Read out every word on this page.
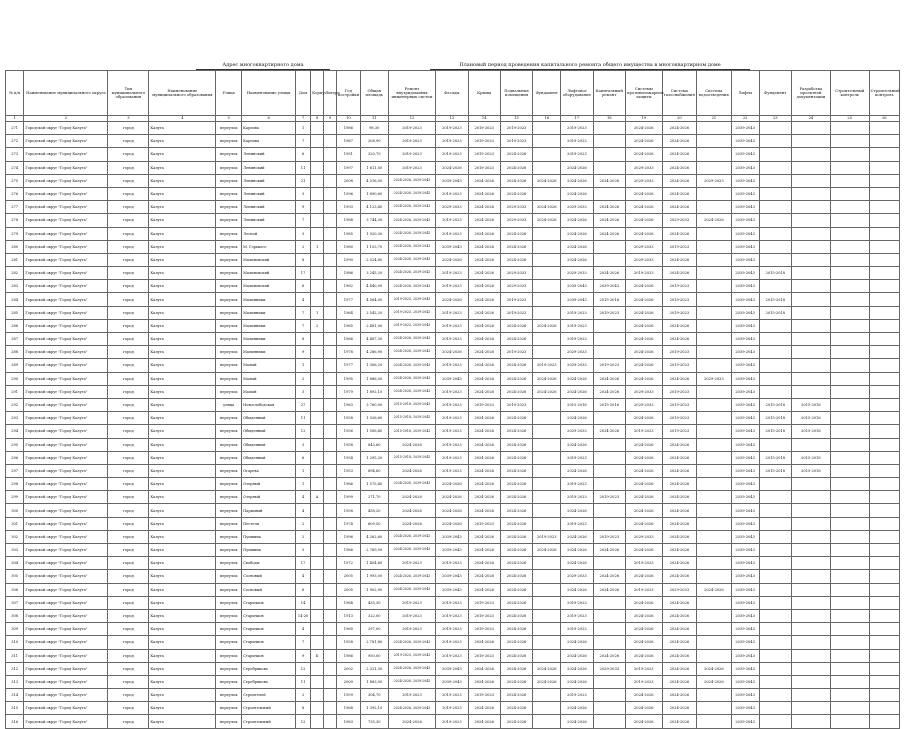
Адрес многоквартирного дома	Плановый период проведения капитального ремонта общего имущества в многоквартирном доме
№ п/п	Наименование муниципального округа	Тип муниципального образования	Наименование муниципального образования	Улица	Наименование улицы	Дом	Корпус	Литера	Год постройки	Общая площадь	Ремонт внутридомовых инженерных систем	Фасады	Крыша	Подвальные помещения	Фундамент	Лифтовое оборудование	Капитальный ремонт	Системы противопожарной защиты	Система газоснабжения	Система водоотведения	Лифты	Фундамент	Разработка проектной документации	Строительный контроль	Строительный контроль
1	2	3	4	5	6	7	8	9	10	11	12	13	14	15	16	17	18	19	20	21	22	23	24	25	26
271	Городской округ "Город Калуга"	город	Калуга	переулок	Карпова	1			1986	98,30	2019-2023	2019-2023	2019-2023	2019-2023		2019-2023		2024-2026	2024-2026		2039-2043				
272	Городской округ "Город Калуга"	город	Калуга	переулок	Карпова	7			1967	208,90	2019-2023	2019-2023	2019-2023	2019-2023		2019-2023		2024-2026	2024-2026		2039-2043				
273	Городской округ "Город Калуга"	город	Калуга	переулок	Ленинский	6			1951	320,70	2019-2023	2019-2023	2019-2023	2024-2026		2019-2023		2024-2026	2024-2026		2039-2043				
274	Городской округ "Город Калуга"	город	Калуга	переулок	Ленинский	11			1997	1 611,50	2019-2023	2024-2026	2019-2023	2024-2026		2024-2026		2029-2033	2024-2026		2039-2043				
275	Городской округ "Город Калуга"	город	Калуга	переулок	Ленинский	21			2008	4 516,50	2024-2026, 2039-2043	2039-2043	2024-2026	2024-2026	2024-2026	2024-2026	2024-2026	2029-2033	2024-2026	2029-2033	2039-2043				
276	Городской округ "Город Калуга"	город	Калуга	переулок	Ленинский	5			1996	1 890,60	2024-2026, 2039-2043	2019-2023	2024-2026	2024-2026		2024-2026		2024-2026	2024-2026		2039-2043				
277	Городской округ "Город Калуга"	город	Калуга	переулок	Ленинский	9			1993	4 123,40	2024-2026, 2039-2043	2029-2033	2024-2026	2029-2033	2024-2026	2029-2033	2024-2026	2024-2026	2024-2026		2039-2043				
278	Городской округ "Город Калуга"	город	Калуга	переулок	Ленинский	7			1988	3 744,30	2024-2026, 2039-2043	2019-2023	2024-2026	2029-2033	2024-2026	2024-2026	2024-2026	2024-2026	2029-2033	2024-2026	2039-2043				
279	Городской округ "Город Калуга"	город	Калуга	переулок	Лесной	5			1985	1 920,30	2024-2026, 2039-2043	2019-2023	2024-2026	2024-2026		2024-2026	2024-2026	2024-2026	2024-2026		2039-2043				
280	Городской округ "Город Калуга"	город	Калуга	переулок	М. Горького	2	1		1980	1 103,70	2024-2026, 2039-2043	2039-2043	2024-2026	2024-2026		2024-2026		2029-2033	2019-2023		2039-2043				
281	Городской округ "Город Калуга"	город	Калуга	переулок	Малиновский	8			1990	2 024,80	2024-2026, 2039-2043	2024-2026	2024-2026	2024-2026		2024-2026		2029-2033	2024-2026		2039-2043				
282	Городской округ "Город Калуга"	город	Калуга	переулок	Малиновский	17			1986	3 245,20	2024-2026, 2039-2043	2019-2023	2024-2026	2029-2033		2029-2033	2024-2026	2019-2023	2024-2026		2039-2043	2015-2018			
283	Городской округ "Город Калуга"	город	Калуга	переулок	Малиновский	6			1982	4 440,00	2024-2026, 2039-2043	2019-2023	2024-2026	2029-2033		2039-2043	2039-2043	2024-2026	2019-2023		2039-2043				
284	Городской округ "Город Калуга"	город	Калуга	переулок	Малинники	4			1977	4 564,00	2019-2023, 2039-2043	2024-2026	2024-2026	2019-2023		2039-2043	2015-2016	2024-2026	2019-2023		2039-2043	2015-2018			
285	Городской округ "Город Калуга"	город	Калуга	переулок	Малинники	7	1		1964	2 542,20	2019-2023, 2039-2043	2019-2023	2024-2026	2019-2023		2019-2023	2019-2023	2024-2026	2019-2023		2039-2043	2015-2018			
286	Городской округ "Город Калуга"	город	Калуга	переулок	Малинники	7	2		1965	2 481,00	2019-2023, 2039-2043	2019-2023	2024-2026	2024-2026	2024-2026	2019-2023		2024-2026	2024-2026		2039-2043				
287	Городской округ "Город Калуга"	город	Калуга	переулок	Малинники	8			1966	4 487,30	2024-2026, 2039-2043	2019-2023	2024-2026	2024-2026		2019-2023		2024-2026	2024-2026		2039-2043				
288	Городской округ "Город Калуга"	город	Калуга	переулок	Малинники	9			1978	4 286,90	2024-2026, 2039-2043	2024-2026	2024-2026	2019-2023		2029-2033		2024-2026	2019-2023		2039-2043				
289	Городской округ "Город Калуга"	город	Калуга	переулок	Малый	1			1977	1 306,20	2024-2026, 2039-2043	2019-2023	2024-2026	2024-2026	2019-2023	2029-2033	2019-2023	2024-2026	2019-2023		2039-2043				
290	Городской округ "Город Калуга"	город	Калуга	переулок	Малый	2			1995	1 886,50	2024-2026, 2039-2043	2039-2043	2024-2026	2024-2026	2024-2026	2024-2026	2024-2026	2024-2026	2024-2026	2029-2033	2039-2043				
291	Городской округ "Город Калуга"	город	Калуга	переулок	Малый	3			1979	1 892,10	2024-2026, 2039-2043	2019-2023	2024-2026	2024-2026	2024-2026	2024-2026	2024-2026	2029-2033	2019-2023		2039-2043				
292	Городской округ "Город Калуга"	город	Калуга	улица	Новослободская	27			1963	3 760,00	2015-2018, 2039-2043	2019-2023	2019-2023	2019-2023		2015-2016	2015-2016	2029-2033	2019-2023		2039-2043	2015-2018	2015-2016		
293	Городской округ "Город Калуга"	город	Калуга	переулок	Обыденный	11			1958	1 326,60	2015-2018, 2039-2043	2019-2023	2024-2026	2024-2026		2024-2026		2024-2026	2019-2023		2039-2043	2015-2018	2015-2016		
294	Городской округ "Город Калуга"	город	Калуга	переулок	Обыденный	12			1956	1 506,40	2015-2018, 2039-2043	2019-2023	2024-2026	2024-2026		2029-2033	2024-2026	2019-2023	2019-2023		2039-2043	2015-2018	2015-2016		
295	Городской округ "Город Калуга"	город	Калуга	переулок	Обыденный	3			1958	843,60	2024-2026	2019-2023	2024-2026	2024-2026		2024-2026		2024-2026	2024-2026		2039-2043				
296	Городской округ "Город Калуга"	город	Калуга	переулок	Обыденный	6			1954	1 295,20	2015-2018, 2039-2043	2019-2023	2024-2026	2024-2026		2019-2023		2024-2026	2024-2026		2039-2043	2015-2018	2015-2018		
297	Городской округ "Город Калуга"	город	Калуга	переулок	Огарева	1			1953	894,60	2024-2026	2019-2023	2024-2026	2024-2026		2024-2026		2024-2026	2024-2026		2039-2043	2015-2018	2015-2018		
298	Городской округ "Город Калуга"	город	Калуга	переулок	Озерный	1			1986	1 575,40	2024-2026, 2039-2043	2024-2026	2024-2026	2024-2026		2019-2023		2024-2026	2024-2026		2039-2043				
299	Городской округ "Город Калуга"	город	Калуга	переулок	Озерный	4	А		1999	271,70	2024-2026	2024-2026	2024-2026	2024-2026		2019-2023	2019-2023	2024-2026	2024-2026		2039-2043				
300	Городской округ "Город Калуга"	город	Калуга	переулок	Парковый	4			1958	458,20	2024-2026	2024-2026	2024-2026	2024-2026		2024-2026		2024-2026	2024-2026		2039-2043				
301	Городской округ "Город Калуга"	город	Калуга	переулок	Пестеля	2			1974	609,50	2024-2026	2024-2026	2019-2023	2024-2026		2019-2023		2024-2026	2024-2026		2039-2043				
302	Городской округ "Город Калуга"	город	Калуга	переулок	Пушкина	2			1996	4 262,60	2024-2026, 2039-2043	2039-2043	2024-2026	2024-2026	2019-2023	2024-2026	2019-2023	2029-2033	2024-2026		2039-2043				
303	Городской округ "Город Калуга"	город	Калуга	переулок	Пушкина	5			1986	2 769,50	2024-2026, 2039-2043	2039-2043	2024-2026	2024-2026	2024-2026	2024-2026	2024-2026	2024-2026	2024-2026		2039-2043				
304	Городской округ "Город Калуга"	город	Калуга	переулок	Свободы	17			1972	1 404,60	2019-2023	2019-2023	2024-2026	2024-2026		2024-2026		2019-2023	2024-2026		2039-2043				
305	Городской округ "Город Калуга"	город	Калуга	переулок	Сосновый	4			2005	1 993,00	2024-2026, 2039-2043	2039-2043	2024-2026	2024-2026		2029-2033	2024-2026	2024-2026	2024-2026		2039-2043				
306	Городской округ "Город Калуга"	город	Калуга	переулок	Сосновый	6			2005	1 902,90	2024-2026, 2039-2043	2039-2043	2024-2026	2024-2026		2024-2026	2024-2026	2019-2023	2029-2033	2024-2026	2039-2043				
307	Городской округ "Город Калуга"	город	Калуга	переулок	Старичков	14			1964	435,30	2019-2023	2019-2023	2019-2023	2024-2026		2019-2023		2024-2026	2024-2026		2039-2043				
308	Городской округ "Город Калуга"	город	Калуга	переулок	Старичков	14-20			1913	322,00	2019-2023	2019-2023	2019-2023	2024-2026		2019-2023		2024-2026	2024-2026		2039-2043				
309	Городской округ "Город Калуга"	город	Калуга	переулок	Старичков	4			1960	297,00	2019-2023	2019-2023	2019-2023	2024-2026		2019-2023		2024-2026	2024-2026		2039-2043				
310	Городской округ "Город Калуга"	город	Калуга	переулок	Старичков	7			1958	2 781,80	2024-2026, 2039-2043	2019-2023	2024-2026	2024-2026		2024-2026		2024-2026	2024-2026		2039-2043				
311	Городской округ "Город Калуга"	город	Калуга	переулок	Старичков	9	Б		1986	950,00	2019-2023, 2039-2043	2019-2023	2019-2023	2024-2026		2024-2026	2024-2026	2024-2026	2024-2026		2039-2043				
312	Городской округ "Город Калуга"	город	Калуга	переулок	Серебрякова	12			2002	2 321,30	2024-2026, 2039-2043	2039-2043	2024-2026	2024-2026	2024-2026	2024-2026	2029-2033	2019-2023	2024-2026	2024-2026	2039-2043				
313	Городской округ "Город Калуга"	город	Калуга	переулок	Серебрякова	11			2009	1 883,50	2024-2026, 2039-2043	2039-2043	2024-2026	2024-2026	2024-2026	2024-2026		2019-2023	2024-2026	2024-2026	2039-2043				
314	Городской округ "Город Калуга"	город	Калуга	переулок	Строителей	2			1959	304,70	2019-2023	2019-2023	2019-2023	2024-2026		2019-2023		2024-2026	2024-2026		2039-2043				
315	Городской округ "Город Калуга"	город	Калуга	переулок	Строительный	8			1968	1 392,10	2024-2026, 2039-2043	2019-2023	2024-2026	2024-2026		2024-2026		2024-2026	2024-2026		2039-2043				
316	Городской округ "Город Калуга"	город	Калуга	переулок	Строительный	12			1963	735,30	2024-2026	2019-2023	2024-2026	2024-2026		2024-2026		2024-2026	2024-2026		2039-2043				
